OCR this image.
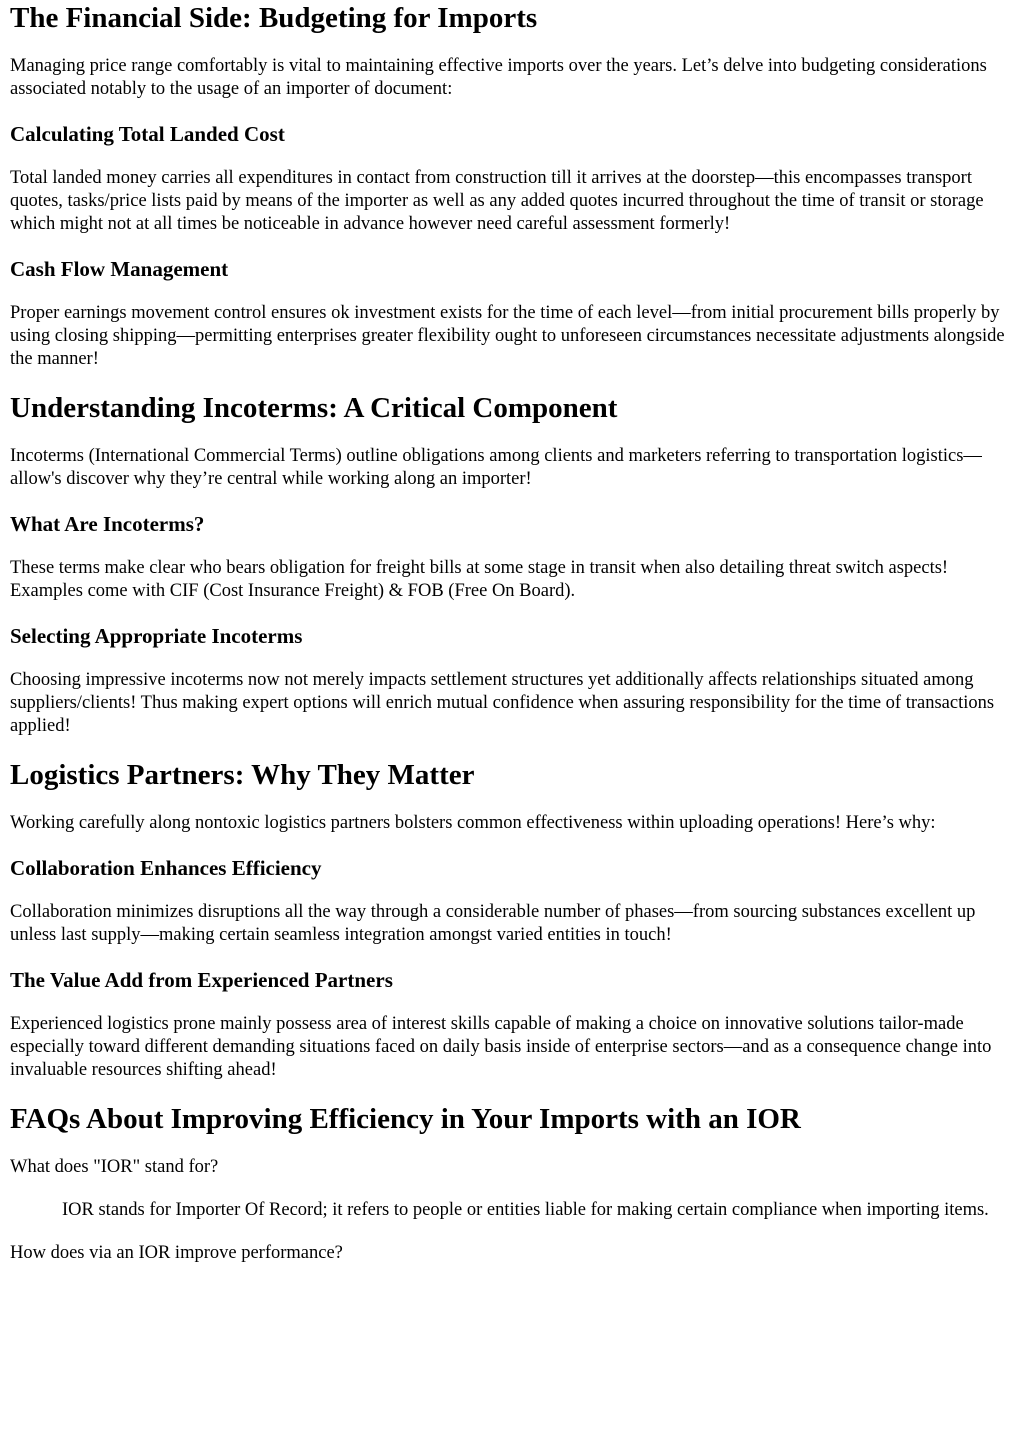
The Financial Side: Budgeting for Imports

Managing price range comfortably is vital to maintaining effective imports over the years. Let’s delve into budgeting considerations associated notably to the usage of an importer of document:

Calculating Total Landed Cost

Total landed money carries all expenditures in contact from construction till it arrives at the doorstep—this encompasses transport quotes, tasks/price lists paid by means of the importer as well as any added quotes incurred throughout the time of transit or storage which might not at all times be noticeable in advance however need careful assessment formerly!

Cash Flow Management

Proper earnings movement control ensures ok investment exists for the time of each level—from initial procurement bills properly by using closing shipping—permitting enterprises greater flexibility ought to unforeseen circumstances necessitate adjustments alongside the manner!

Understanding Incoterms: A Critical Component

Incoterms (International Commercial Terms) outline obligations among clients and marketers referring to transportation logistics—allow's discover why they’re central while working along an importer!

What Are Incoterms?

These terms make clear who bears obligation for freight bills at some stage in transit when also detailing threat switch aspects! Examples come with CIF (Cost Insurance Freight) & FOB (Free On Board).

Selecting Appropriate Incoterms

Choosing impressive incoterms now not merely impacts settlement structures yet additionally affects relationships situated among suppliers/clients! Thus making expert options will enrich mutual confidence when assuring responsibility for the time of transactions applied!

Logistics Partners: Why They Matter

Working carefully along nontoxic logistics partners bolsters common effectiveness within uploading operations! Here’s why:

Collaboration Enhances Efficiency

Collaboration minimizes disruptions all the way through a considerable number of phases—from sourcing substances excellent up unless last supply—making certain seamless integration amongst varied entities in touch!

The Value Add from Experienced Partners

Experienced logistics prone mainly possess area of interest skills capable of making a choice on innovative solutions tailor-made especially toward different demanding situations faced on daily basis inside of enterprise sectors—and as a consequence change into invaluable resources shifting ahead!

FAQs About Improving Efficiency in Your Imports with an IOR

What does "IOR" stand for?

IOR stands for Importer Of Record; it refers to people or entities liable for making certain compliance when importing items.

How does via an IOR improve performance?
